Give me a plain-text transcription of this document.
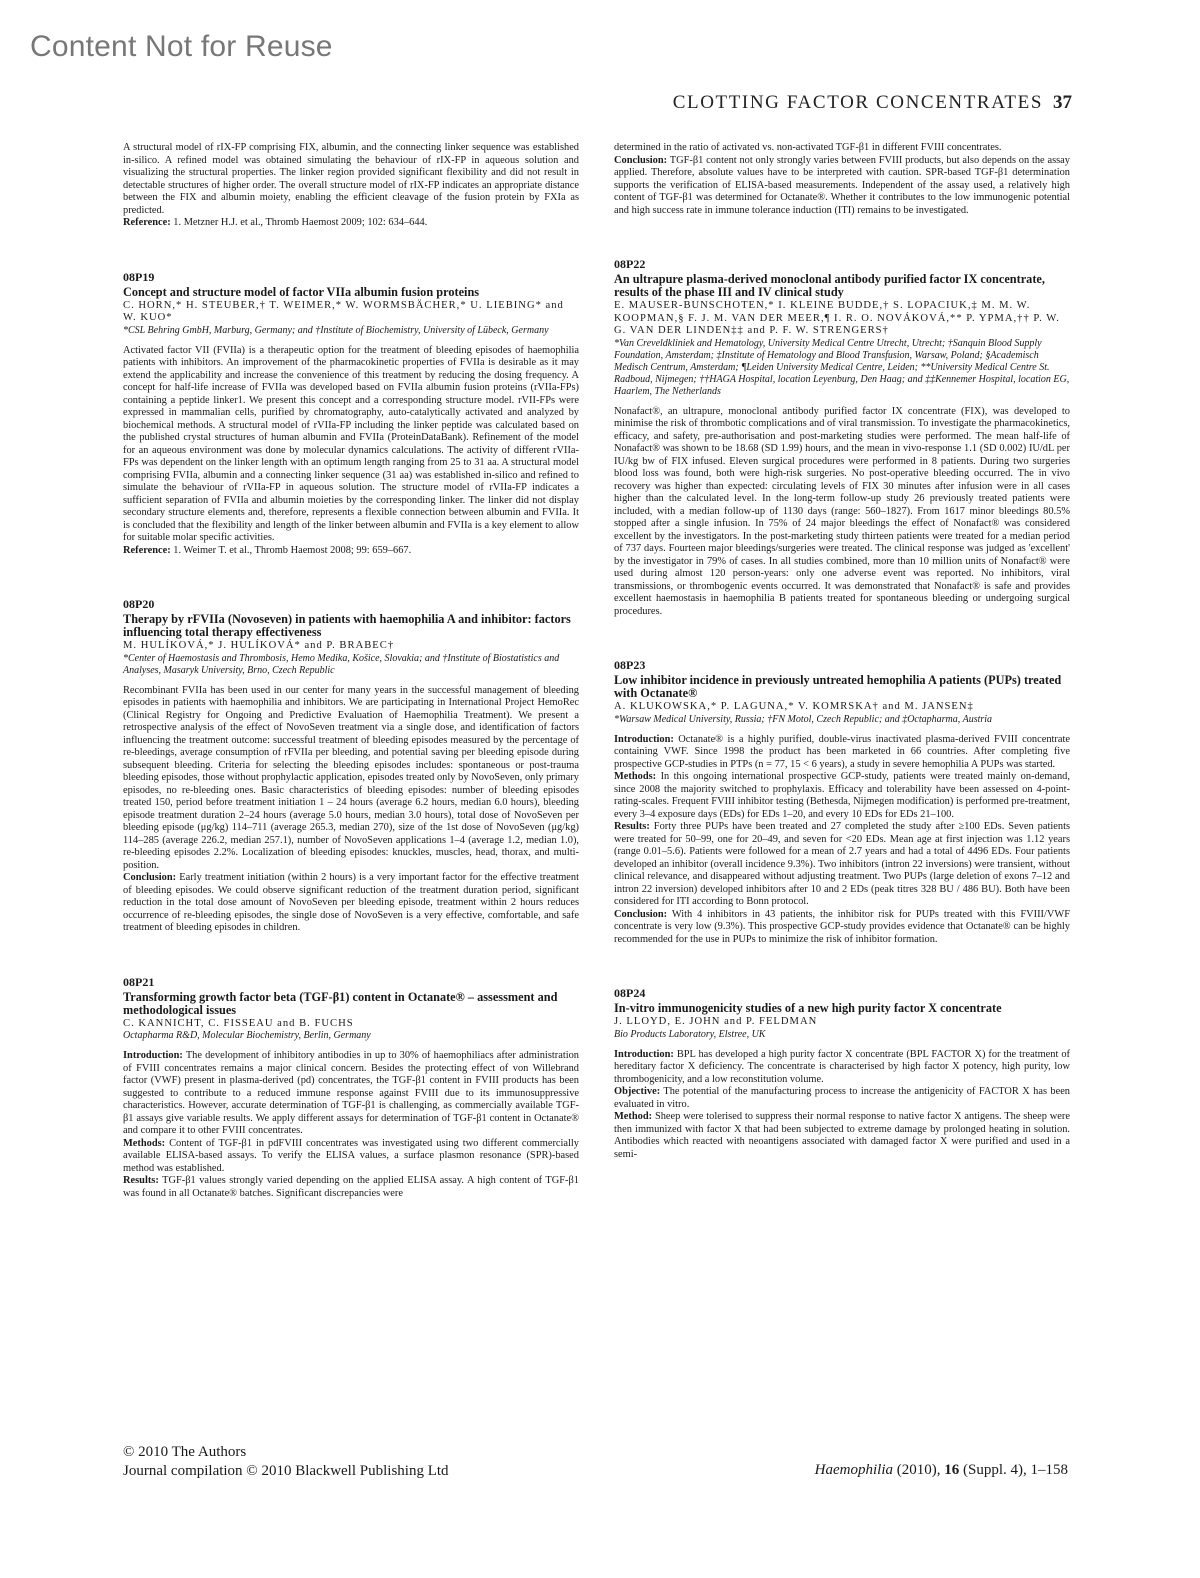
Content Not for Reuse
CLOTTING FACTOR CONCENTRATES 37

A structural model of rIX-FP comprising FIX, albumin, and the connecting linker sequence was established in-silico. A refined model was obtained simulating the behaviour of rIX-FP in aqueous solution and visualizing the structural properties. The linker region provided significant flexibility and did not result in detectable structures of higher order. The overall structure model of rIX-FP indicates an appropriate distance between the FIX and albumin moiety, enabling the efficient cleavage of the fusion protein by FXIa as predicted.

Reference: 1. Metzner H.J. et al., Thromb Haemost 2009; 102: 634–644.

08P19
Concept and structure model of factor VIIa albumin fusion proteins
C. HORN,* H. STEUBER,† T. WEIMER,* W. WORMSBÄCHER,* U. LIEBING* and W. KUO*
*CSL Behring GmbH, Marburg, Germany; and †Institute of Biochemistry, University of Lübeck, Germany

Activated factor VII (FVIIa) is a therapeutic option for the treatment of bleeding episodes of haemophilia patients with inhibitors. An improvement of the pharmacokinetic properties of FVIIa is desirable as it may extend the applicability and increase the convenience of this treatment by reducing the dosing frequency. A concept for half-life increase of FVIIa was developed based on FVIIa albumin fusion proteins (rVIIa-FPs) containing a peptide linker1. We present this concept and a corresponding structure model. rVII-FPs were expressed in mammalian cells, purified by chromatography, auto-catalytically activated and analyzed by biochemical methods. A structural model of rVIIa-FP including the linker peptide was calculated based on the published crystal structures of human albumin and FVIIa (ProteinDataBank). Refinement of the model for an aqueous environment was done by molecular dynamics calculations. The activity of different rVIIa-FPs was dependent on the linker length with an optimum length ranging from 25 to 31 aa. A structural model comprising FVIIa, albumin and a connecting linker sequence (31 aa) was established in-silico and refined to simulate the behaviour of rVIIa-FP in aqueous solution. The structure model of rVIIa-FP indicates a sufficient separation of FVIIa and albumin moieties by the corresponding linker. The linker did not display secondary structure elements and, therefore, represents a flexible connection between albumin and FVIIa. It is concluded that the flexibility and length of the linker between albumin and FVIIa is a key element to allow for suitable molar specific activities.

Reference: 1. Weimer T. et al., Thromb Haemost 2008; 99: 659–667.

08P20
Therapy by rFVIIa (Novoseven) in patients with haemophilia A and inhibitor: factors influencing total therapy effectiveness
M. HULÍKOVÁ,* J. HULÍKOVÁ* and P. BRABEC†
*Center of Haemostasis and Thrombosis, Hemo Medika, Košice, Slovakia; and †Institute of Biostatistics and Analyses, Masaryk University, Brno, Czech Republic

Recombinant FVIIa has been used in our center for many years in the successful management of bleeding episodes in patients with haemophilia and inhibitors. We are participating in International Project HemoRec (Clinical Registry for Ongoing and Predictive Evaluation of Haemophilia Treatment). We present a retrospective analysis of the effect of NovoSeven treatment via a single dose, and identification of factors influencing the treatment outcome: successful treatment of bleeding episodes measured by the percentage of re-bleedings, average consumption of rFVIIa per bleeding, and potential saving per bleeding episode during subsequent bleeding. Criteria for selecting the bleeding episodes includes: spontaneous or post-trauma bleeding episodes, those without prophylactic application, episodes treated only by NovoSeven, only primary episodes, no re-bleeding ones. Basic characteristics of bleeding episodes: number of bleeding episodes treated 150, period before treatment initiation 1 – 24 hours (average 6.2 hours, median 6.0 hours), bleeding episode treatment duration 2–24 hours (average 5.0 hours, median 3.0 hours), total dose of NovoSeven per bleeding episode (μg/kg) 114–711 (average 265.3, median 270), size of the 1st dose of NovoSeven (μg/kg) 114–285 (average 226.2, median 257.1), number of NovoSeven applications 1–4 (average 1.2, median 1.0), re-bleeding episodes 2.2%. Localization of bleeding episodes: knuckles, muscles, head, thorax, and multi-position.

Conclusion: Early treatment initiation (within 2 hours) is a very important factor for the effective treatment of bleeding episodes. We could observe significant reduction of the treatment duration period, significant reduction in the total dose amount of NovoSeven per bleeding episode, treatment within 2 hours reduces occurrence of re-bleeding episodes, the single dose of NovoSeven is a very effective, comfortable, and safe treatment of bleeding episodes in children.

08P21
Transforming growth factor beta (TGF-β1) content in Octanate® – assessment and methodological issues
C. KANNICHT, C. FISSEAU and B. FUCHS
Octapharma R&D, Molecular Biochemistry, Berlin, Germany

Introduction: The development of inhibitory antibodies in up to 30% of haemophiliacs after administration of FVIII concentrates remains a major clinical concern. Besides the protecting effect of von Willebrand factor (VWF) present in plasma-derived (pd) concentrates, the TGF-β1 content in FVIII products has been suggested to contribute to a reduced immune response against FVIII due to its immunosuppressive characteristics. However, accurate determination of TGF-β1 is challenging, as commercially available TGF-β1 assays give variable results. We apply different assays for determination of TGF-β1 content in Octanate® and compare it to other FVIII concentrates.

Methods: Content of TGF-β1 in pdFVIII concentrates was investigated using two different commercially available ELISA-based assays. To verify the ELISA values, a surface plasmon resonance (SPR)-based method was established.

Results: TGF-β1 values strongly varied depending on the applied ELISA assay. A high content of TGF-β1 was found in all Octanate® batches. Significant discrepancies were

determined in the ratio of activated vs. non-activated TGF-β1 in different FVIII concentrates.

Conclusion: TGF-β1 content not only strongly varies between FVIII products, but also depends on the assay applied. Therefore, absolute values have to be interpreted with caution. SPR-based TGF-β1 determination supports the verification of ELISA-based measurements. Independent of the assay used, a relatively high content of TGF-β1 was determined for Octanate®. Whether it contributes to the low immunogenic potential and high success rate in immune tolerance induction (ITI) remains to be investigated.

08P22
An ultrapure plasma-derived monoclonal antibody purified factor IX concentrate, results of the phase III and IV clinical study
E. MAUSER-BUNSCHOTEN,* I. KLEINE BUDDE,† S. LOPACIUK,‡ M. M. W. KOOPMAN,§ F. J. M. VAN DER MEER,¶ I. R. O. NOVÁKOVÁ,** P. YPMA,†† P. W. G. VAN DER LINDEN‡‡ and P. F. W. STRENGERS†
*Van Creveldkliniek and Hematology, University Medical Centre Utrecht, Utrecht; †Sanquin Blood Supply Foundation, Amsterdam; ‡Institute of Hematology and Blood Transfusion, Warsaw, Poland; §Academisch Medisch Centrum, Amsterdam; ¶Leiden University Medical Centre, Leiden; **University Medical Centre St. Radboud, Nijmegen; ††HAGA Hospital, location Leyenburg, Den Haag; and ‡‡Kennemer Hospital, location EG, Haarlem, The Netherlands

Nonafact®, an ultrapure, monoclonal antibody purified factor IX concentrate (FIX), was developed to minimise the risk of thrombotic complications and of viral transmission. To investigate the pharmacokinetics, efficacy, and safety, pre-authorisation and post-marketing studies were performed. The mean half-life of Nonafact® was shown to be 18.68 (SD 1.99) hours, and the mean in vivo-response 1.1 (SD 0.002) IU/dL per IU/kg bw of FIX infused. Eleven surgical procedures were performed in 8 patients. During two surgeries blood loss was found, both were high-risk surgeries. No post-operative bleeding occurred. The in vivo recovery was higher than expected: circulating levels of FIX 30 minutes after infusion were in all cases higher than the calculated level. In the long-term follow-up study 26 previously treated patients were included, with a median follow-up of 1130 days (range: 560–1827). From 1617 minor bleedings 80.5% stopped after a single infusion. In 75% of 24 major bleedings the effect of Nonafact® was considered excellent by the investigators. In the post-marketing study thirteen patients were treated for a median period of 737 days. Fourteen major bleedings/surgeries were treated. The clinical response was judged as 'excellent' by the investigator in 79% of cases. In all studies combined, more than 10 million units of Nonafact® were used during almost 120 person-years: only one adverse event was reported. No inhibitors, viral transmissions, or thrombogenic events occurred. It was demonstrated that Nonafact® is safe and provides excellent haemostasis in haemophilia B patients treated for spontaneous bleeding or undergoing surgical procedures.

08P23
Low inhibitor incidence in previously untreated hemophilia A patients (PUPs) treated with Octanate®
A. KLUKOWSKA,* P. LAGUNA,* V. KOMRSKA† and M. JANSEN‡
*Warsaw Medical University, Russia; †FN Motol, Czech Republic; and ‡Octapharma, Austria

Introduction: Octanate® is a highly purified, double-virus inactivated plasma-derived FVIII concentrate containing VWF. Since 1998 the product has been marketed in 66 countries. After completing five prospective GCP-studies in PTPs (n = 77, 15 < 6 years), a study in severe hemophilia A PUPs was started.

Methods: In this ongoing international prospective GCP-study, patients were treated mainly on-demand, since 2008 the majority switched to prophylaxis. Efficacy and tolerability have been assessed on 4-point-rating-scales. Frequent FVIII inhibitor testing (Bethesda, Nijmegen modification) is performed pre-treatment, every 3–4 exposure days (EDs) for EDs 1–20, and every 10 EDs for EDs 21–100.

Results: Forty three PUPs have been treated and 27 completed the study after ≥100 EDs. Seven patients were treated for 50–99, one for 20–49, and seven for <20 EDs. Mean age at first injection was 1.12 years (range 0.01–5.6). Patients were followed for a mean of 2.7 years and had a total of 4496 EDs. Four patients developed an inhibitor (overall incidence 9.3%). Two inhibitors (intron 22 inversions) were transient, without clinical relevance, and disappeared without adjusting treatment. Two PUPs (large deletion of exons 7–12 and intron 22 inversion) developed inhibitors after 10 and 2 EDs (peak titres 328 BU / 486 BU). Both have been considered for ITI according to Bonn protocol.

Conclusion: With 4 inhibitors in 43 patients, the inhibitor risk for PUPs treated with this FVIII/VWF concentrate is very low (9.3%). This prospective GCP-study provides evidence that Octanate® can be highly recommended for the use in PUPs to minimize the risk of inhibitor formation.

08P24
In-vitro immunogenicity studies of a new high purity factor X concentrate
J. LLOYD, E. JOHN and P. FELDMAN
Bio Products Laboratory, Elstree, UK

Introduction: BPL has developed a high purity factor X concentrate (BPL FACTOR X) for the treatment of hereditary factor X deficiency. The concentrate is characterised by high factor X potency, high purity, low thrombogenicity, and a low reconstitution volume.

Objective: The potential of the manufacturing process to increase the antigenicity of FACTOR X has been evaluated in vitro.

Method: Sheep were tolerised to suppress their normal response to native factor X antigens. The sheep were then immunized with factor X that had been subjected to extreme damage by prolonged heating in solution. Antibodies which reacted with neoantigens associated with damaged factor X were purified and used in a semi-

© 2010 The Authors
Journal compilation © 2010 Blackwell Publishing Ltd	Haemophilia (2010), 16 (Suppl. 4), 1–158
